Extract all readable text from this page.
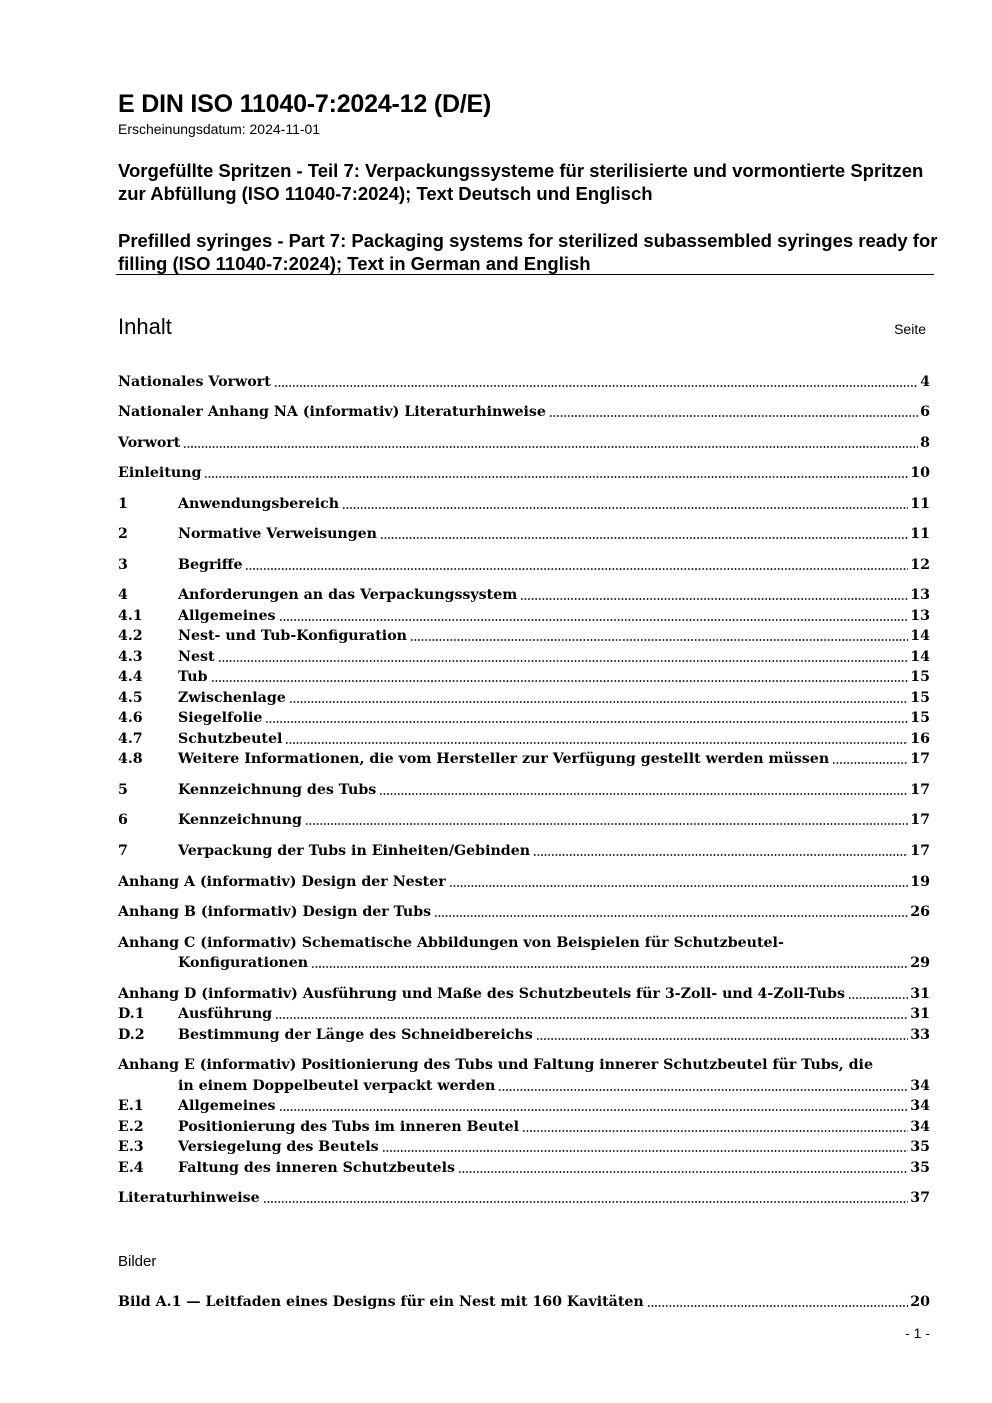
E DIN ISO 11040-7:2024-12 (D/E)
Erscheinungsdatum: 2024-11-01
Vorgefüllte Spritzen - Teil 7: Verpackungssysteme für sterilisierte und vormontierte Spritzen zur Abfüllung (ISO 11040-7:2024); Text Deutsch und Englisch
Prefilled syringes - Part 7: Packaging systems for sterilized subassembled syringes ready for filling (ISO 11040-7:2024); Text in German and English
Inhalt	Seite
Nationales Vorwort	4
Nationaler Anhang NA (informativ) Literaturhinweise	6
Vorwort	8
Einleitung	10
1	Anwendungsbereich	11
2	Normative Verweisungen	11
3	Begriffe	12
4	Anforderungen an das Verpackungssystem	13
4.1	Allgemeines	13
4.2	Nest- und Tub-Konfiguration	14
4.3	Nest	14
4.4	Tub	15
4.5	Zwischenlage	15
4.6	Siegelfolie	15
4.7	Schutzbeutel	16
4.8	Weitere Informationen, die vom Hersteller zur Verfügung gestellt werden müssen	17
5	Kennzeichnung des Tubs	17
6	Kennzeichnung	17
7	Verpackung der Tubs in Einheiten/Gebinden	17
Anhang A (informativ) Design der Nester	19
Anhang B (informativ) Design der Tubs	26
Anhang C (informativ) Schematische Abbildungen von Beispielen für Schutzbeutel-
Konfigurationen	29
Anhang D (informativ) Ausführung und Maße des Schutzbeutels für 3-Zoll- und 4-Zoll-Tubs	31
D.1	Ausführung	31
D.2	Bestimmung der Länge des Schneidbereichs	33
Anhang E (informativ) Positionierung des Tubs und Faltung innerer Schutzbeutel für Tubs, die
in einem Doppelbeutel verpackt werden	34
E.1	Allgemeines	34
E.2	Positionierung des Tubs im inneren Beutel	34
E.3	Versiegelung des Beutels	35
E.4	Faltung des inneren Schutzbeutels	35
Literaturhinweise	37
Bilder
Bild A.1 — Leitfaden eines Designs für ein Nest mit 160 Kavitäten	20
- 1 -
